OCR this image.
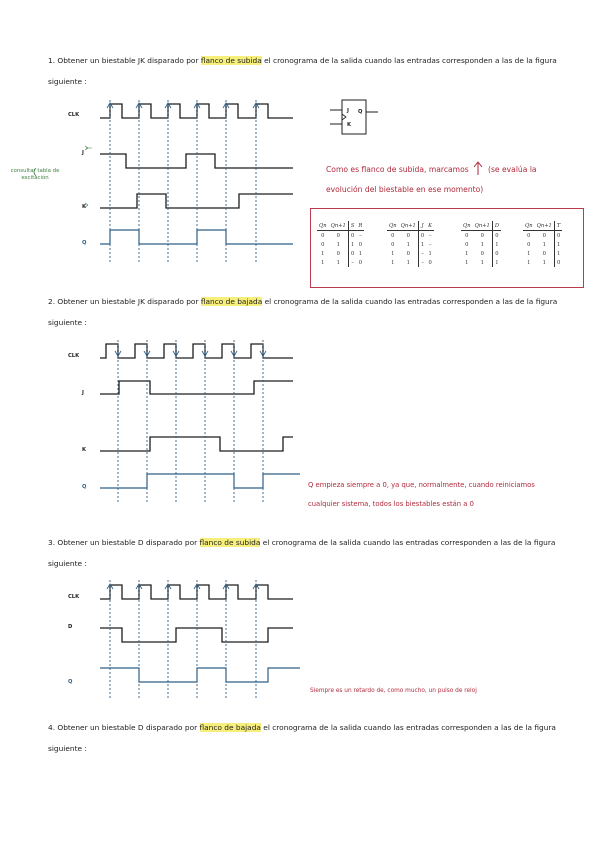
1. Obtener un biestable JK disparado por flanco de subida el cronograma de la salida cuando las entradas corresponden a las de la figura siguiente :

2. Obtener un biestable JK disparado por flanco de bajada el cronograma de la salida cuando las entradas corresponden a las de la figura siguiente :

3. Obtener un biestable D disparado por flanco de subida el cronograma de la salida cuando las entradas corresponden a las de la figura siguiente :

4. Obtener un biestable D disparado por flanco de bajada el cronograma de la salida cuando las entradas corresponden a las de la figura siguiente :

CLK
J
K
Q
consultar tabla de excitación
J
K
Q

Como es flanco de subida, marcamos	(se evalúa la

evolución del biestable en ese momento)

Qn	Qn+1	S	R
0	0	0	–
0	1	1	0
1	0	0	1
1	1	–	0
Qn	Qn+1	J	K
0	0	0	–
0	1	1	–
1	0	–	1
1	1	–	0
Qn	Qn+1	D
0	0	0
0	1	1
1	0	0
1	1	1
Qn	Qn+1	T
0	0	0
0	1	1
1	0	1
1	1	0
CLK
J
K
Q	Q empieza siempre a 0, ya que, normalmente, cuando reiniciamos

cualquier sistema, todos los biestables están a 0

CLK
D
Q

Siempre es un retardo de, como mucho, un pulso de reloj
